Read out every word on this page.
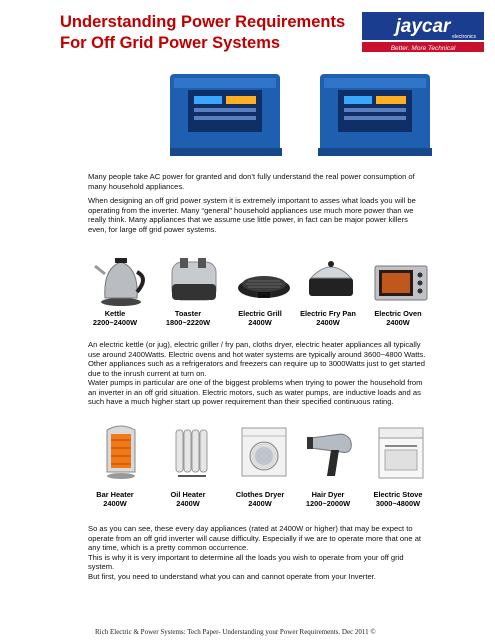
Understanding Power Requirements
For Off Grid Power Systems
jaycar electronics
Better. More Technical
Many people take AC power for granted and don’t fully understand the real power consumption of many household appliances.
When designing an off grid power system it is extremely important to asses what loads you will be operating from the inverter. Many “general” household appliances use much more power than we really think. Many appliances that we assume use little power, in fact can be major power killers even, for large off grid power systems.
Kettle
2200~2400W
Toaster
1800~2220W
Electric Grill
2400W
Electric Fry Pan
2400W
Electric Oven
2400W
An electric kettle (or jug), electric griller / fry pan, cloths dryer, electric heater appliances all typically use around 2400Watts. Electric ovens and hot water systems are typically around 3600~4800 Watts. Other appliances such as a refrigerators and freezers can require up to 3000Watts just to get started due to the inrush current at turn on.
Water pumps in particular are one of the biggest problems when trying to power the household from an inverter in an off grid situation. Electric motors, such as water pumps, are inductive loads and as such have a much higher start up power requirement than their specified continuous rating.
Bar Heater
2400W
Oil Heater
2400W
Clothes Dryer
2400W
Hair Dyer
1200~2000W
Electric Stove
3000~4800W
So as you can see, these every day appliances (rated at 2400W or higher) that may be expect to operate from an off grid inverter will cause difficulty. Especially if we are to operate more that one at any time, which is a pretty common occurrence.
This is why it is very important to determine all the loads you wish to operate from your off grid system.
But first, you need to understand what you can and cannot operate from your Inverter.
Rich Electric & Power Systems: Tech Paper- Understanding your Power Requirements. Dec 2011 ©
